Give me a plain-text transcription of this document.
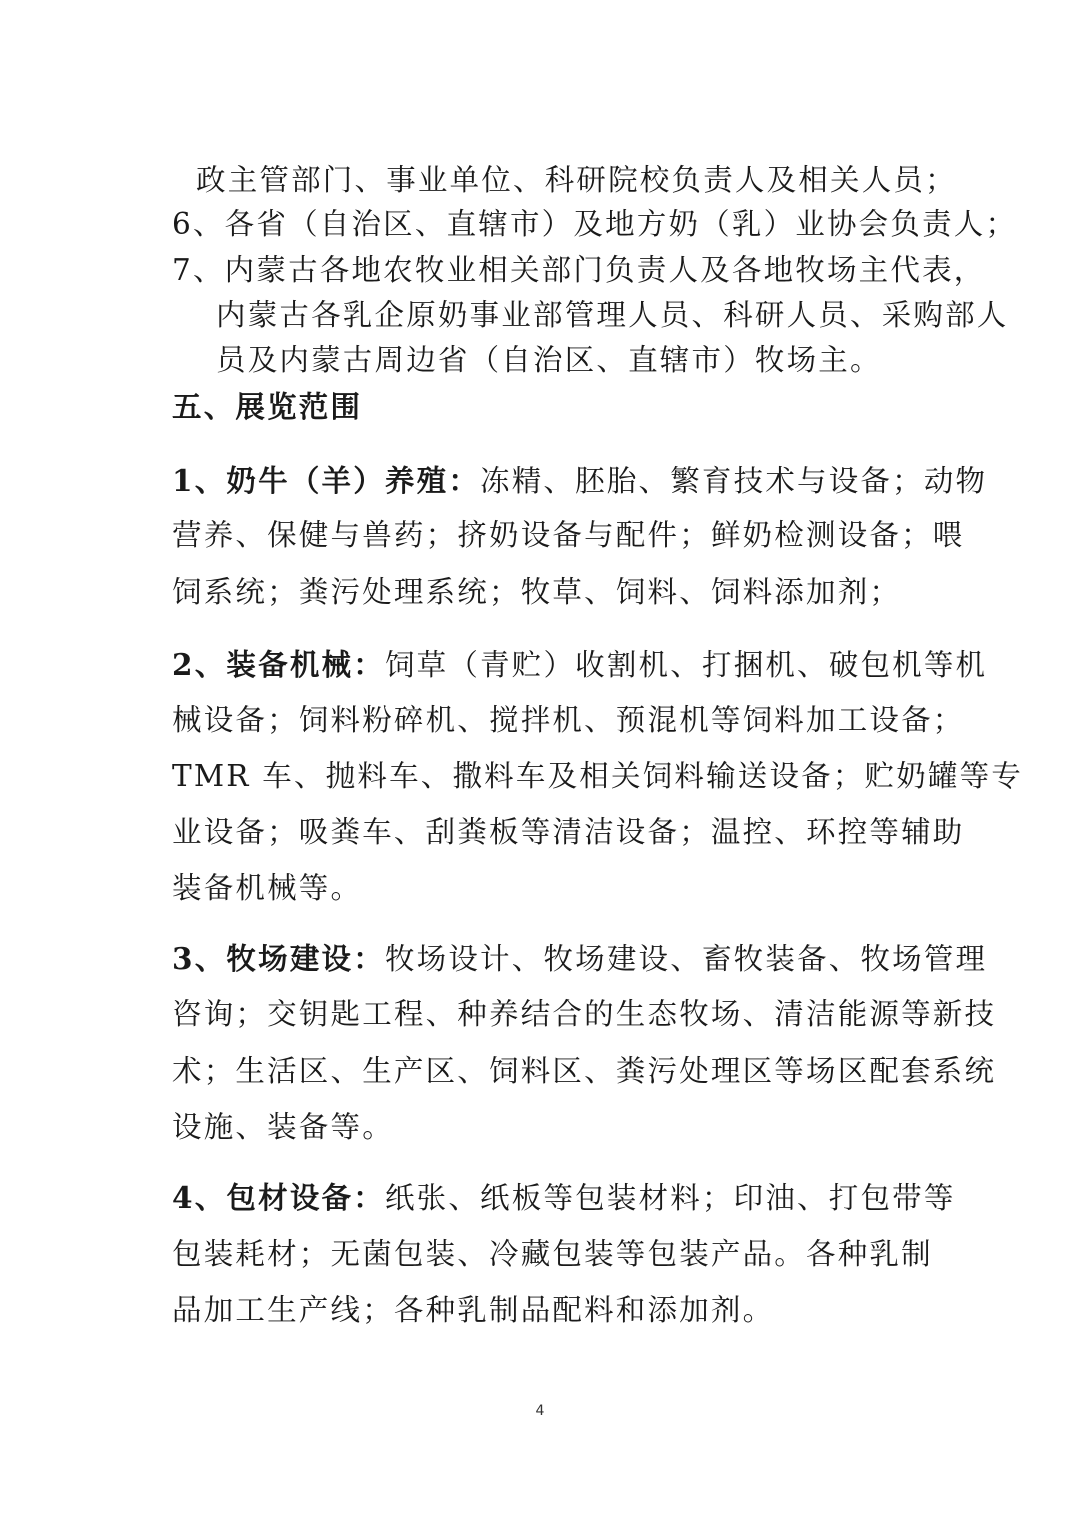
政主管部门、事业单位、科研院校负责人及相关人员；
6、各省（自治区、直辖市）及地方奶（乳）业协会负责人；
7、内蒙古各地农牧业相关部门负责人及各地牧场主代表，
内蒙古各乳企原奶事业部管理人员、科研人员、采购部人
员及内蒙古周边省（自治区、直辖市）牧场主。
五、展览范围
1、奶牛（羊）养殖：冻精、胚胎、繁育技术与设备；动物
营养、保健与兽药；挤奶设备与配件；鲜奶检测设备；喂
饲系统；粪污处理系统；牧草、饲料、饲料添加剂；
2、装备机械：饲草（青贮）收割机、打捆机、破包机等机
械设备；饲料粉碎机、搅拌机、预混机等饲料加工设备；
TMR 车、抛料车、撒料车及相关饲料输送设备；贮奶罐等专
业设备；吸粪车、刮粪板等清洁设备；温控、环控等辅助
装备机械等。
3、牧场建设：牧场设计、牧场建设、畜牧装备、牧场管理
咨询；交钥匙工程、种养结合的生态牧场、清洁能源等新技
术；生活区、生产区、饲料区、粪污处理区等场区配套系统
设施、装备等。
4、包材设备：纸张、纸板等包装材料；印油、打包带等
包装耗材；无菌包装、冷藏包装等包装产品。各种乳制
品加工生产线；各种乳制品配料和添加剂。
4
